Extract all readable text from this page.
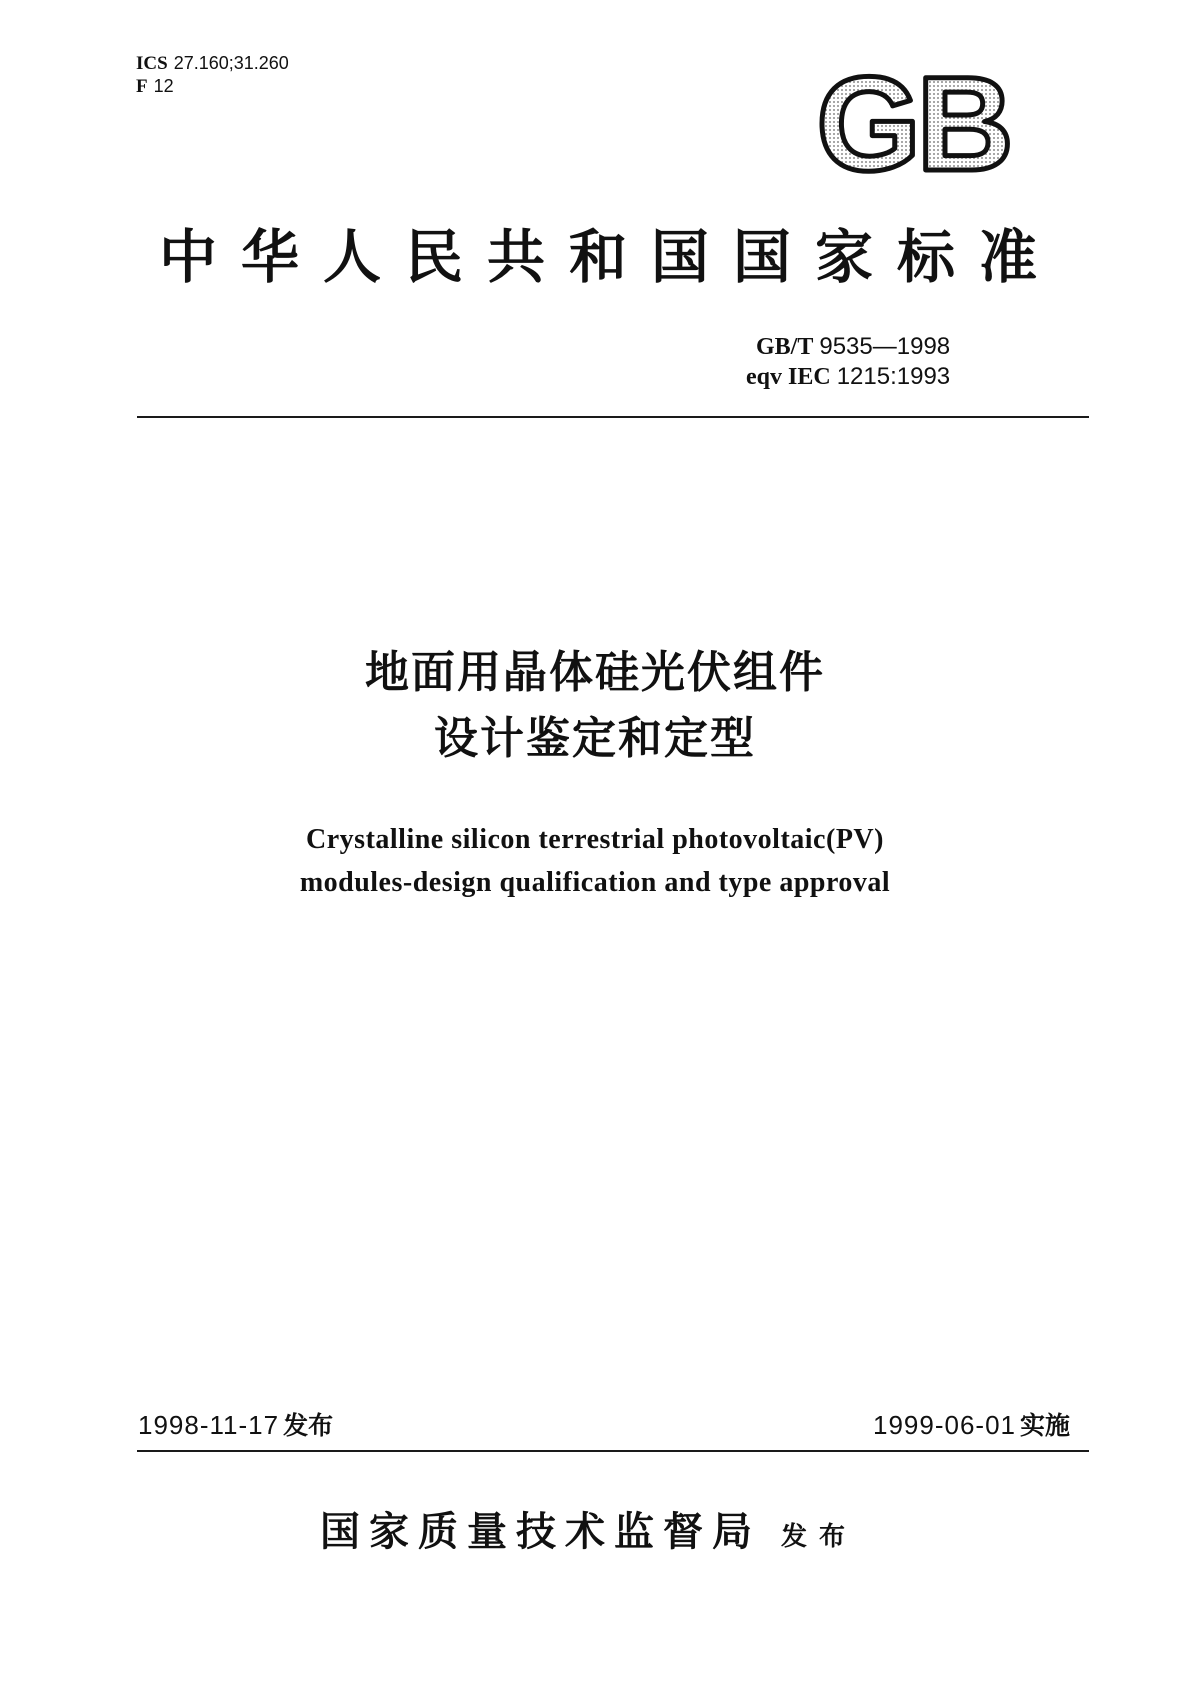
ICS 27.160;31.260
F 12	GB
中华人民共和国国家标准
GB/T 9535—1998
eqv IEC 1215:1993
地面用晶体硅光伏组件
设计鉴定和定型
Crystalline silicon terrestrial photovoltaic(PV)
modules-design qualification and type approval
1998-11-17 发布	1999-06-01 实施
国家质量技术监督局 发布
